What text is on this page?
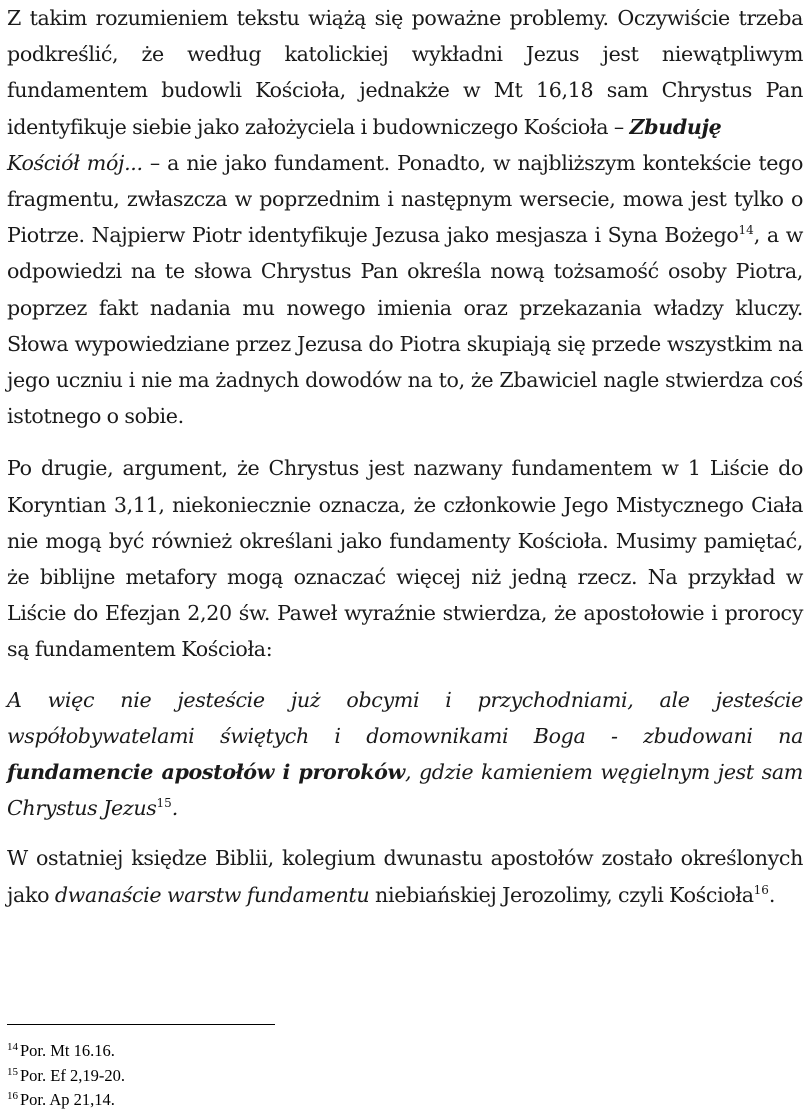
Z takim rozumieniem tekstu wiążą się poważne problemy. Oczywiście trzeba podkreślić, że według katolickiej wykładni Jezus jest niewątpliwym fundamentem budowli Kościoła, jednakże w Mt 16,18 sam Chrystus Pan identyfikuje siebie jako założyciela i budowniczego Kościoła – Zbuduję
Kościół mój... – a nie jako fundament. Ponadto, w najbliższym kontekście tego fragmentu, zwłaszcza w poprzednim i następnym wersecie, mowa jest tylko o Piotrze. Najpierw Piotr identyfikuje Jezusa jako mesjasza i Syna Bożego$^{14}$, a w odpowiedzi na te słowa Chrystus Pan określa nową tożsamość osoby Piotra, poprzez fakt nadania mu nowego imienia oraz przekazania władzy kluczy. Słowa wypowiedziane przez Jezusa do Piotra skupiają się przede wszystkim na jego uczniu i nie ma żadnych dowodów na to, że Zbawiciel nagle stwierdza coś istotnego o sobie.

Po drugie, argument, że Chrystus jest nazwany fundamentem w 1 Liście do Koryntian 3,11, niekoniecznie oznacza, że członkowie Jego Mistycznego Ciała nie mogą być również określani jako fundamenty Kościoła. Musimy pamiętać, że biblijne metafory mogą oznaczać więcej niż jedną rzecz. Na przykład w Liście do Efezjan 2,20 św. Paweł wyraźnie stwierdza, że apostołowie i prorocy są fundamentem Kościoła:

A więc nie jesteście już obcymi i przychodniami, ale jesteście współobywatelami świętych i domownikami Boga - zbudowani na fundamencie apostołów i proroków, gdzie kamieniem węgielnym jest sam Chrystus Jezus$^{15}$.

W ostatniej księdze Biblii, kolegium dwunastu apostołów zostało określonych jako dwanaście warstw fundamentu niebiańskiej Jerozolimy, czyli Kościoła$^{16}$.

$^{14}$ Por. Mt 16.16.
$^{15}$ Por. Ef 2,19-20.
$^{16}$ Por. Ap 21,14.
